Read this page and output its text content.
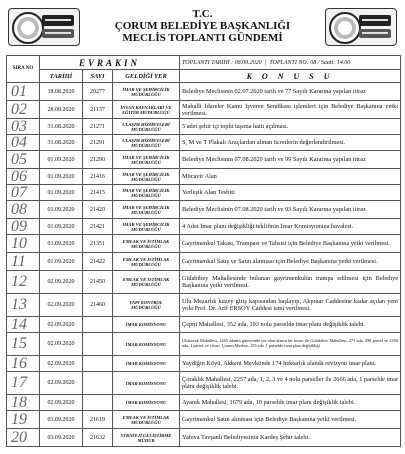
T.C.
ÇORUM BELEDİYE BAŞKANLIĞI
MECLİS TOPLANTI GÜNDEMİ
SIRA NO	EVRAKIN			TOPLANTI TARİHİ : 08.09.2020  |  TOPLANTI NO: 08 / Saati: 14.00
	TARİHİ	SAYI	GELDİĞİ YER	K O N U S U
01	18.08.2020	20277	İMAR VE ŞEHİRCİLİK MÜDÜRLÜĞÜ	Belediye Meclisinin 02.07.2020 tarih ve 77 Sayılı Kararına yapılan itiraz
02	28.08.2020	21137	İNSAN KAYNAKLARI VE EĞİTİM MÜDÜRLÜĞÜ	Mahalli İdareler Kamu İşveren Sendikası işlemleri için Belediye Başkanına yetki verilmesi.
03	31.08.2020	21271	ULAŞIM HİZMETLERİ MÜDÜRLÜĞÜ	5 adet şehir içi toplu taşıma hattı açılması.
04	31.08.2020	21291	ULAŞIM HİZMETLERİ MÜDÜRLÜĞÜ	S, M ve T Plakalı Araçlardan alınan ücretlerin değerlendirilmesi.
05	01.09.2020	21290	İMAR VE ŞEHİRCİLİK MÜDÜRLÜĞÜ	Belediye Meclisinin 07.08.2020 tarih ve 99 Sayılı Kararına yapılan itiraz
06	01.09.2020	21416	İMAR VE ŞEHİRCİLİK MÜDÜRLÜĞÜ	Mücavir Alan
07	01.09.2020	21415	İMAR VE ŞEHİRCİLİK MÜDÜRLÜĞÜ	Yerleşik Alan Tesbiti
08	01.09.2020	21420	İMAR VE ŞEHİRCİLİK MÜDÜRLÜĞÜ	Belediye Meclisinin 07.08.2020 tarih ve 93 Sayılı Kararına yapılan itiraz
09	01.09.2020	21421	İMAR VE ŞEHİRCİLİK MÜDÜRLÜĞÜ	4 Adet İmar planı değişikliği teklifinin İmar Komisyonuna havalesi.
10	01.09.2020	21351	EMLAK VE İSTİMLAK MÜDÜRLÜĞÜ	Gayrimenkul Takası, Trampası ve Tahsisi için Belediye Başkanına yetki verilmesi.
11	01.09.2020	21422	EMLAK VE İSTİMLAK MÜDÜRLÜĞÜ	Gayrimenkul Satış ve Satın alınması için Belediye Başkanına yetki verilmesi.
12	02.09.2020	21450	EMLAK VE İSTİMLAK MÜDÜRLÜĞÜ	Gülabibey Mahallesinde bulunan gayrimenkulün trampa edilmesi için Belediye Başkanına yetki verilmesi.
13	02.09.2020	21460	YAPI KONTROL MÜDÜRLÜĞÜ	Ulu Mezarlık kuzey giriş kapısından başlayıp, Akpınar Caddesine kadar açılan yeni yola Prof. Dr. Arif ERSOY Caddesi ismi verilmesi.
14	02.09.2020		İMAR KOMİSYONU	Çepni Mahallesi, 352 ada, 193 nolu parselde imar planı değişiklik talebi.
15	02.09.2020		İMAR KOMİSYONU	Ulukavak Mahallesi, 2265 adanın güneyinde yer alan alanın bir kısmı ile Gülabibey Mahallesi, 271 ada, 398 parsel ve 2556 ada, 1 parsel ve civarı, Çorum Merkez, 155 ada, 1 parselde imar plan değişikliği
16	02.09.2020		İMAR KOMİSYONU	Yaydiğin Köyü, Akkent Mevkiinde 174 hektarlık alanda revizyon imar planı.
17	02.09.2020		İMAR KOMİSYONU	Çoraklık Mahallesi, 2257 ada, 1, 2, 3 ve 4 nolu parseller ile 2666 ada, 1 parselde imar planı değişiklik talebi.
18	02.09.2020		İMAR KOMİSYONU	Ayanık Mahallesi, 1679 ada, 10 parselde imar planı değişiklik talebi.
19	03.09.2020	21619	EMLAK VE İSTİMLAK MÜDÜRLÜĞÜ	Gayrimenkul Satın alınması için Belediye Başkanına yetki verilmesi.
20	03.09.2020	21632	STRATEJİ GELİŞTİRME MÜDÜR	Yalova Tavşanlı Belediyesinin Kardeş Şehir talebi.
